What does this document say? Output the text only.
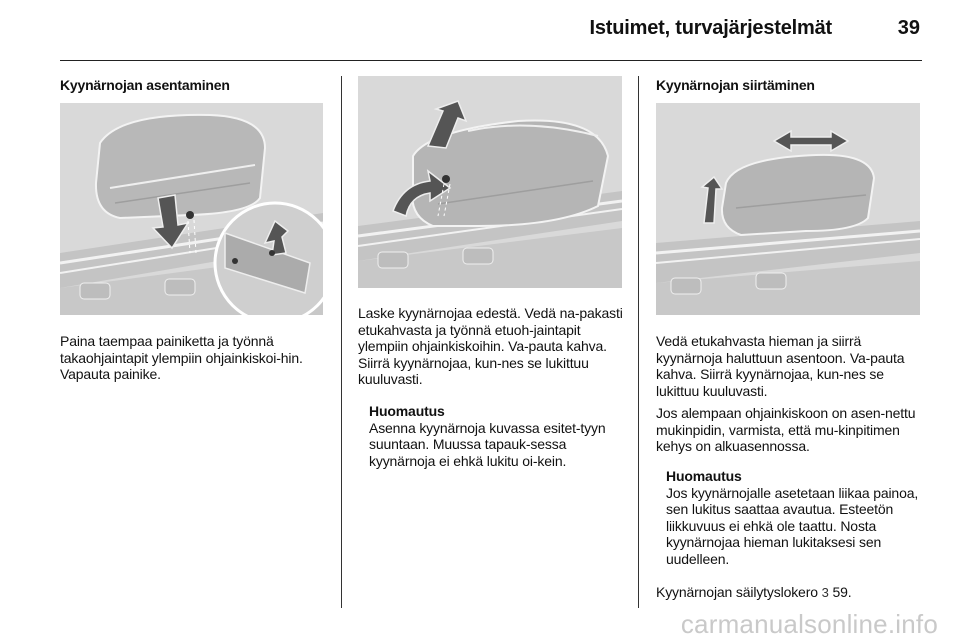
Istuimet, turvajärjestelmät	39
Kyynärnojan asentaminen

Paina taempaa painiketta ja työnnä takaohjaintapit ylempiin ohjainkiskoi-hin. Vapauta painike.

Laske kyynärnojaa edestä. Vedä na-pakasti etukahvasta ja työnnä etuoh-jaintapit ylempiin ohjainkiskoihin. Va-pauta kahva. Siirrä kyynärnojaa, kun-nes se lukittuu kuuluvasti.

Huomautus
Asenna kyynärnoja kuvassa esitet-tyyn suuntaan. Muussa tapauk-sessa kyynärnoja ei ehkä lukitu oi-kein.
Kyynärnojan siirtäminen

Vedä etukahvasta hieman ja siirrä kyynärnoja haluttuun asentoon. Va-pauta kahva. Siirrä kyynärnojaa, kun-nes se lukittuu kuuluvasti.

Jos alempaan ohjainkiskoon on asen-nettu mukinpidin, varmista, että mu-kinpitimen kehys on alkuasennossa.

Huomautus
Jos kyynärnojalle asetetaan liikaa painoa, sen lukitus saattaa avautua. Esteetön liikkuvuus ei ehkä ole taattu. Nosta kyynärnojaa hieman lukitaksesi sen uudelleen.
Kyynärnojan säilytyslokero 3 59.
carmanualsonline.info
